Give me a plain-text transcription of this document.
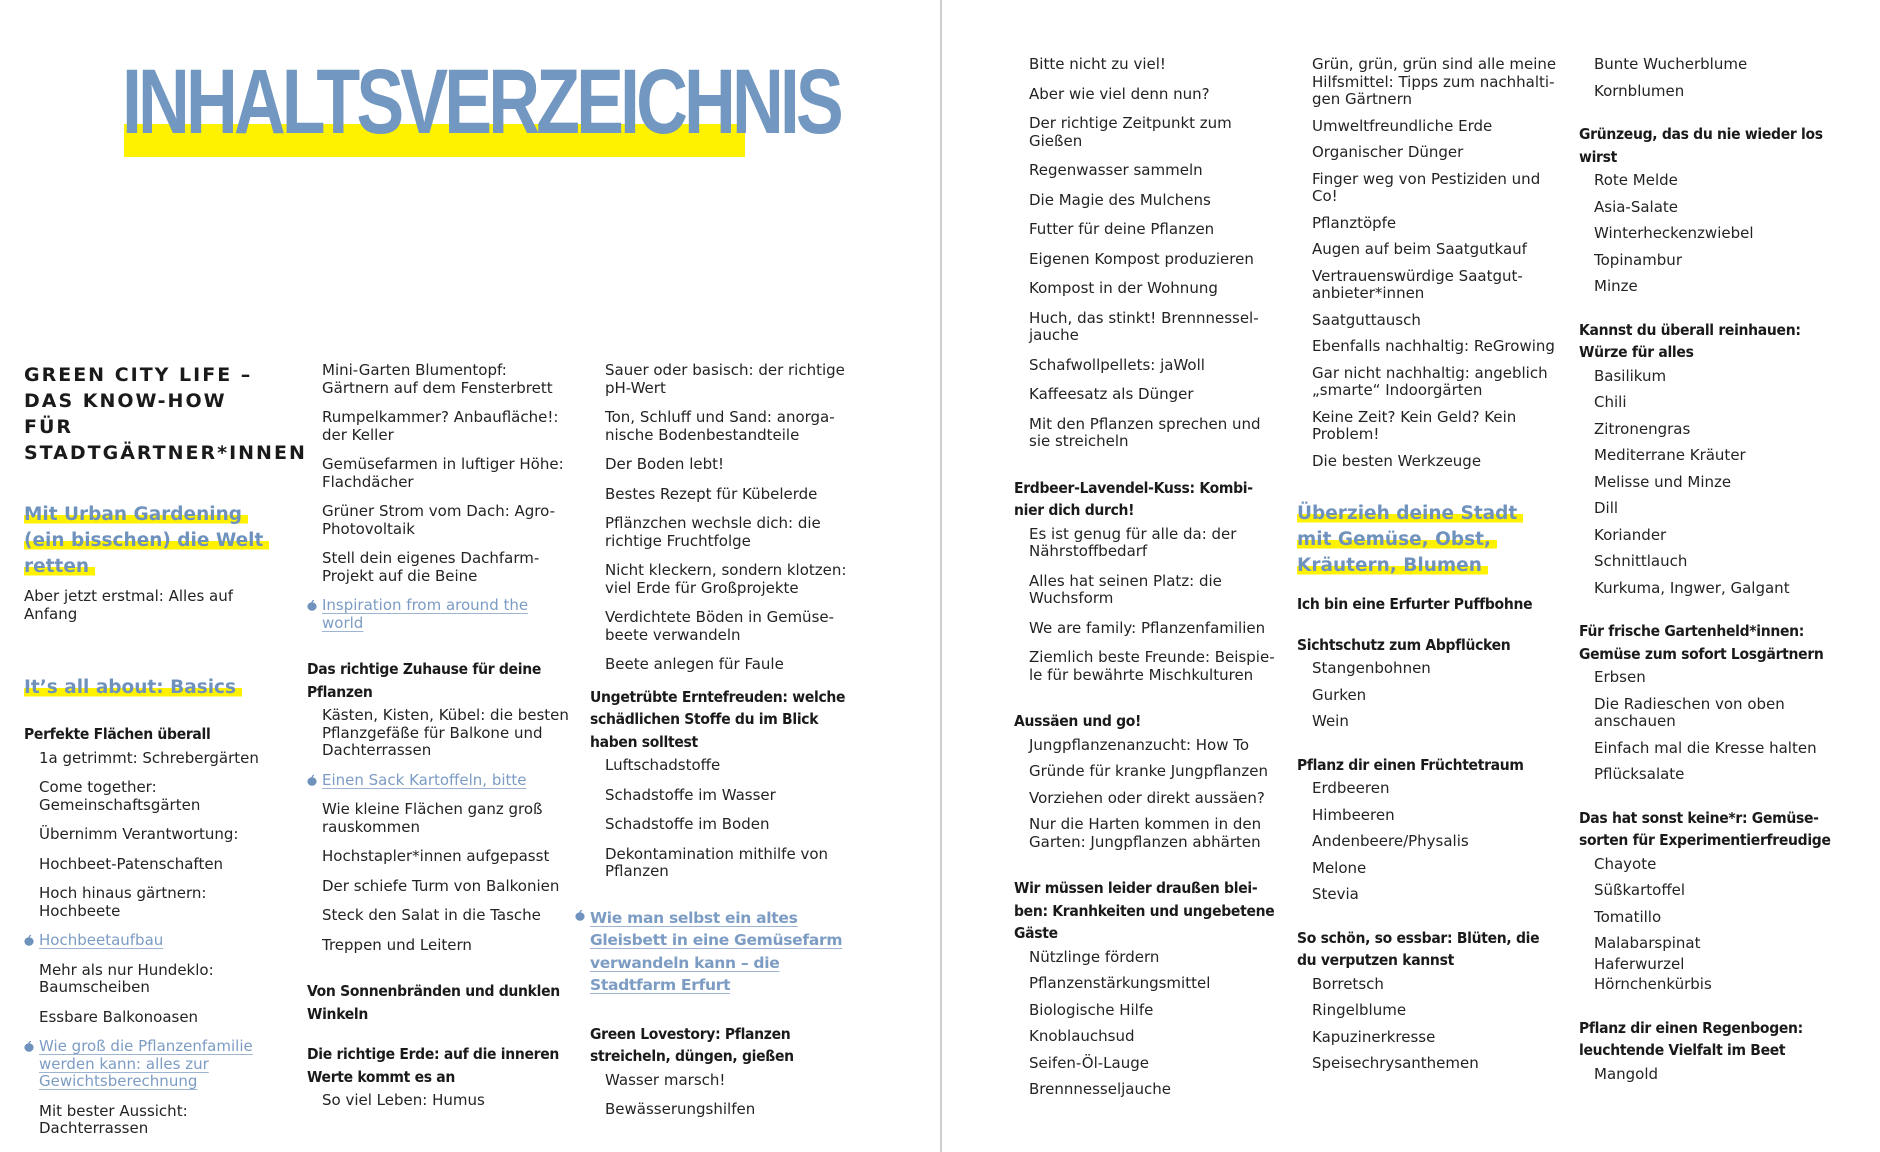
INHALTSVERZEICHNIS
GREEN CITY LIFE –
DAS KNOW-HOW FÜR
STADTGÄRTNER*INNEN
Mit Urban Gardening (ein bisschen) die Welt retten
Aber jetzt erstmal: Alles auf Anfang
It’s all about: Basics
Perfekte Flächen überall
1a getrimmt: Schrebergärten
Come together: Gemeinschaftsgärten
Übernimm Verantwortung:
Hochbeet-Patenschaften
Hoch hinaus gärtnern: Hochbeete
Hochbeetaufbau
Mehr als nur Hundeklo: Baumscheiben
Essbare Balkonoasen
Wie groß die Pflanzenfamilie werden kann: alles zur Gewichtsberechnung
Mit bester Aussicht: Dachterrassen
Mini-Garten Blumentopf: Gärtnern auf dem Fensterbrett
Rumpelkammer? Anbaufläche!: der Keller
Gemüsefarmen in luftiger Höhe: Flachdächer
Grüner Strom vom Dach: Agro-Photovoltaik
Stell dein eigenes Dachfarm-Projekt auf die Beine
Inspiration from around the world
Das richtige Zuhause für deine Pflanzen
Kästen, Kisten, Kübel: die besten Pflanzgefäße für Balkone und Dachterrassen
Einen Sack Kartoffeln, bitte
Wie kleine Flächen ganz groß rauskommen
Hochstapler*innen aufgepasst
Der schiefe Turm von Balkonien
Steck den Salat in die Tasche
Treppen und Leitern
Von Sonnenbränden und dunklen Winkeln
Die richtige Erde: auf die inneren Werte kommt es an
So viel Leben: Humus
Sauer oder basisch: der richtige pH-Wert
Ton, Schluff und Sand: anorga-nische Bodenbestandteile
Der Boden lebt!
Bestes Rezept für Kübelerde
Pflänzchen wechsle dich: die richtige Fruchtfolge
Nicht kleckern, sondern klotzen: viel Erde für Großprojekte
Verdichtete Böden in Gemüse-beete verwandeln
Beete anlegen für Faule
Ungetrübte Erntefreuden: welche schädlichen Stoffe du im Blick haben solltest
Luftschadstoffe
Schadstoffe im Wasser
Schadstoffe im Boden
Dekontamination mithilfe von Pflanzen
Wie man selbst ein altes Gleisbett in eine Gemüsefarm verwandeln kann – die Stadtfarm Erfurt
Green Lovestory: Pflanzen streicheln, düngen, gießen
Wasser marsch!
Bewässerungshilfen
Bitte nicht zu viel!
Aber wie viel denn nun?
Der richtige Zeitpunkt zum Gießen
Regenwasser sammeln
Die Magie des Mulchens
Futter für deine Pflanzen
Eigenen Kompost produzieren
Kompost in der Wohnung
Huch, das stinkt! Brennnessel-jauche
Schafwollpellets: jaWoll
Kaffeesatz als Dünger
Mit den Pflanzen sprechen und sie streicheln
Erdbeer-Lavendel-Kuss: Kombi-nier dich durch!
Es ist genug für alle da: der Nährstoffbedarf
Alles hat seinen Platz: die Wuchsform
We are family: Pflanzenfamilien
Ziemlich beste Freunde: Beispie-le für bewährte Mischkulturen
Aussäen und go!
Jungpflanzenanzucht: How To
Gründe für kranke Jungpflanzen
Vorziehen oder direkt aussäen?
Nur die Harten kommen in den Garten: Jungpflanzen abhärten
Wir müssen leider draußen blei-ben: Kranhkeiten und ungebetene Gäste
Nützlinge fördern
Pflanzenstärkungsmittel
Biologische Hilfe
Knoblauchsud
Seifen-Öl-Lauge
Brennnesseljauche
Grün, grün, grün sind alle meine Hilfsmittel: Tipps zum nachhalti-gen Gärtnern
Umweltfreundliche Erde
Organischer Dünger
Finger weg von Pestiziden und Co!
Pflanztöpfe
Augen auf beim Saatgutkauf
Vertrauenswürdige Saatgut-anbieter*innen
Saatguttausch
Ebenfalls nachhaltig: ReGrowing
Gar nicht nachhaltig: angeblich „smarte“ Indoorgärten
Keine Zeit? Kein Geld? Kein Problem!
Die besten Werkzeuge
Überzieh deine Stadt mit Gemüse, Obst, Kräutern, Blumen
Ich bin eine Erfurter Puffbohne
Sichtschutz zum Abpflücken
Stangenbohnen
Gurken
Wein
Pflanz dir einen Früchtetraum
Erdbeeren
Himbeeren
Andenbeere/Physalis
Melone
Stevia
So schön, so essbar: Blüten, die du verputzen kannst
Borretsch
Ringelblume
Kapuzinerkresse
Speisechrysanthemen
Bunte Wucherblume
Kornblumen
Grünzeug, das du nie wieder los wirst
Rote Melde
Asia-Salate
Winterheckenzwiebel
Topinambur
Minze
Kannst du überall reinhauen: Würze für alles
Basilikum
Chili
Zitronengras
Mediterrane Kräuter
Melisse und Minze
Dill
Koriander
Schnittlauch
Kurkuma, Ingwer, Galgant
Für frische Gartenheld*innen: Gemüse zum sofort Losgärtnern
Erbsen
Die Radieschen von oben anschauen
Einfach mal die Kresse halten
Pflücksalate
Das hat sonst keine*r: Gemüse-sorten für Experimentierfreudige
Chayote
Süßkartoffel
Tomatillo
Malabarspinat
Haferwurzel
Hörnchenkürbis
Pflanz dir einen Regenbogen: leuchtende Vielfalt im Beet
Mangold
